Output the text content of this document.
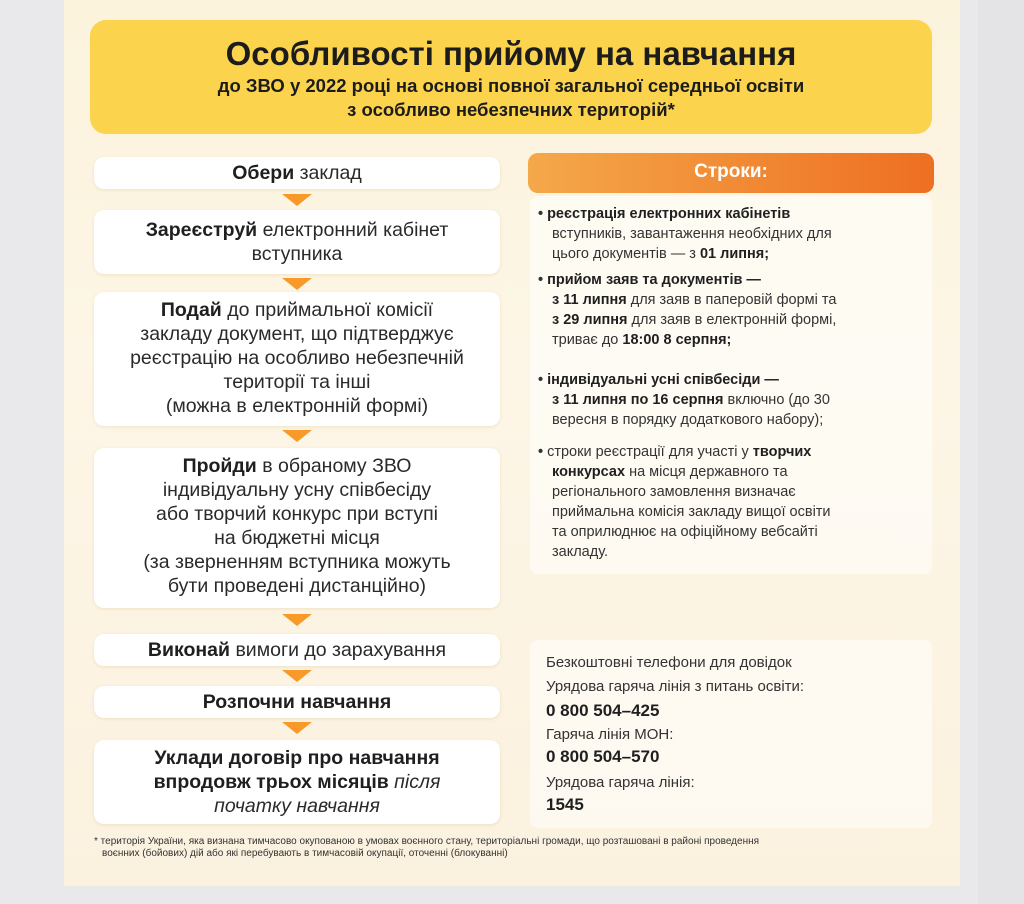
Особливості прийому на навчання
до ЗВО у 2022 році на основі повної загальної середньої освіти
з особливо небезпечних територій*
Обери заклад
Зареєструй електронний кабінет
вступника
Подай до приймальної комісії
закладу документ, що підтверджує
реєстрацію на особливо небезпечній
території та інші
(можна в електронній формі)
Пройди в обраному ЗВО
індивідуальну усну співбесіду
або творчий конкурс при вступі
на бюджетні місця
(за зверненням вступника можуть
бути проведені дистанційно)
Виконай вимоги до зарахування
Розпочни навчання
Уклади договір про навчання
впродовж трьох місяців після
початку навчання
Строки:
• реєстрація електронних кабінетів
вступників, завантаження необхідних для
цього документів — з 01 липня;
• прийом заяв та документів —
з 11 липня для заяв в паперовій формі та
з 29 липня для заяв в електронній формі,
триває до 18:00 8 серпня;
• індивідуальні усні співбесіди —
з 11 липня по 16 серпня включно (до 30
вересня в порядку додаткового набору);
• строки реєстрації для участі у творчих
конкурсах на місця державного та
регіонального замовлення визначає
приймальна комісія закладу вищої освіти
та оприлюднює на офіційному вебсайті
закладу.
Безкоштовні телефони для довідок
Урядова гаряча лінія з питань освіти:
0 800 504–425
Гаряча лінія МОН:
0 800 504–570
Урядова гаряча лінія:
1545
* територія України, яка визнана тимчасово окупованою в умовах воєнного стану, територіальні громади, що розташовані в районі проведення
воєнних (бойових) дій або які перебувають в тимчасовій окупації, оточенні (блокуванні)
